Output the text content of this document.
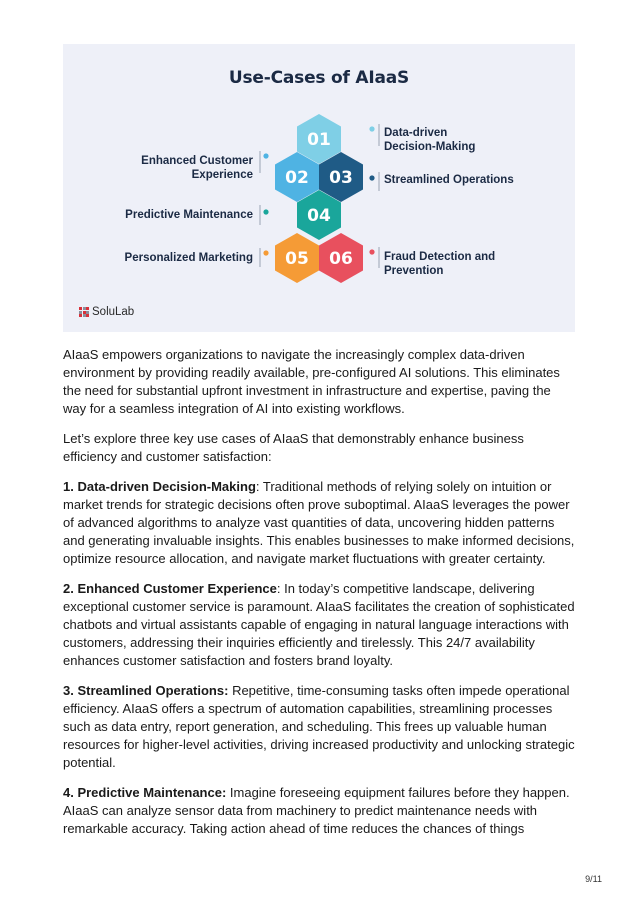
Use-Cases of AIaaS
01
02 03
04
05 06
Data-driven
Decision-Making
Enhanced Customer
Experience	Streamlined Operations
Predictive Maintenance
Personalized Marketing	Fraud Detection and
Prevention
SoluLab

AIaaS empowers organizations to navigate the increasingly complex data-driven environment by providing readily available, pre-configured AI solutions. This eliminates the need for substantial upfront investment in infrastructure and expertise, paving the way for a seamless integration of AI into existing workflows.

Let’s explore three key use cases of AIaaS that demonstrably enhance business efficiency and customer satisfaction:

1. Data-driven Decision-Making: Traditional methods of relying solely on intuition or market trends for strategic decisions often prove suboptimal. AIaaS leverages the power of advanced algorithms to analyze vast quantities of data, uncovering hidden patterns and generating invaluable insights. This enables businesses to make informed decisions, optimize resource allocation, and navigate market fluctuations with greater certainty.

2. Enhanced Customer Experience: In today’s competitive landscape, delivering exceptional customer service is paramount. AIaaS facilitates the creation of sophisticated chatbots and virtual assistants capable of engaging in natural language interactions with customers, addressing their inquiries efficiently and tirelessly. This 24/7 availability enhances customer satisfaction and fosters brand loyalty.

3. Streamlined Operations: Repetitive, time-consuming tasks often impede operational efficiency. AIaaS offers a spectrum of automation capabilities, streamlining processes such as data entry, report generation, and scheduling. This frees up valuable human resources for higher-level activities, driving increased productivity and unlocking strategic potential.

4. Predictive Maintenance: Imagine foreseeing equipment failures before they happen. AIaaS can analyze sensor data from machinery to predict maintenance needs with remarkable accuracy. Taking action ahead of time reduces the chances of things

9/11
